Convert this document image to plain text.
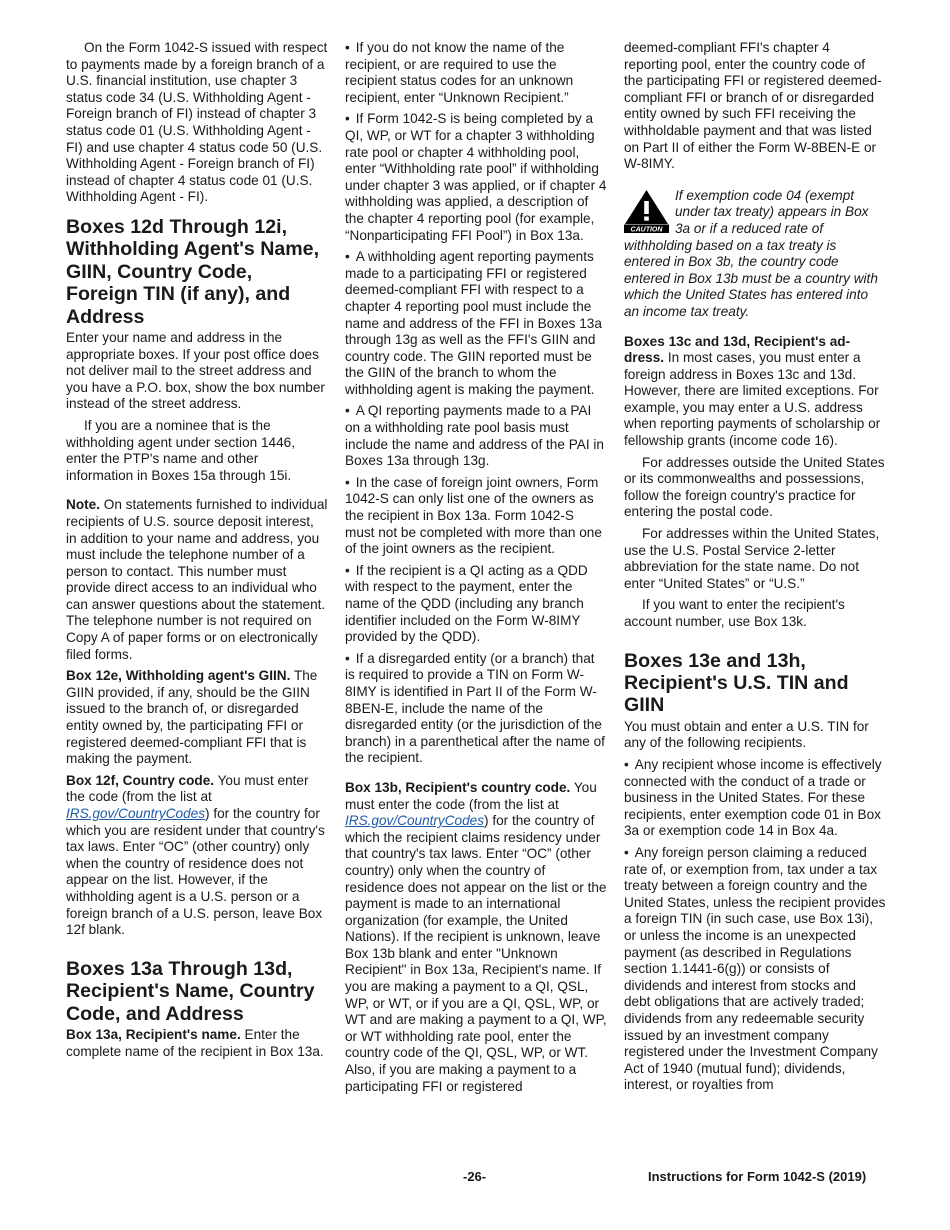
On the Form 1042-S issued with respect to payments made by a foreign branch of a U.S. financial institution, use chapter 3 status code 34 (U.S. Withholding Agent - Foreign branch of FI) instead of chapter 3 status code 01 (U.S. Withholding Agent - FI) and use chapter 4 status code 50 (U.S. Withholding Agent - Foreign branch of FI) instead of chapter 4 status code 01 (U.S. Withholding Agent - FI).

Boxes 12d Through 12i, Withholding Agent's Name, GIIN, Country Code, Foreign TIN (if any), and Address

Enter your name and address in the appropriate boxes. If your post office does not deliver mail to the street address and you have a P.O. box, show the box number instead of the street address.

If you are a nominee that is the withholding agent under section 1446, enter the PTP's name and other information in Boxes 15a through 15i.

Note. On statements furnished to individual recipients of U.S. source deposit interest, in addition to your name and address, you must include the telephone number of a person to contact. This number must provide direct access to an individual who can answer questions about the statement. The telephone number is not required on Copy A of paper forms or on electronically filed forms.

Box 12e, Withholding agent's GIIN. The GIIN provided, if any, should be the GIIN issued to the branch of, or disregarded entity owned by, the participating FFI or registered deemed-compliant FFI that is making the payment.

Box 12f, Country code. You must enter the code (from the list at IRS.gov/CountryCodes) for the country for which you are resident under that country's tax laws. Enter “OC” (other country) only when the country of residence does not appear on the list. However, if the withholding agent is a U.S. person or a foreign branch of a U.S. person, leave Box 12f blank.

Boxes 13a Through 13d, Recipient's Name, Country Code, and Address

Box 13a, Recipient's name. Enter the complete name of the recipient in Box 13a.

• If you do not know the name of the recipient, or are required to use the recipient status codes for an unknown recipient, enter “Unknown Recipient.”

• If Form 1042-S is being completed by a QI, WP, or WT for a chapter 3 withholding rate pool or chapter 4 withholding pool, enter “Withholding rate pool” if withholding under chapter 3 was applied, or if chapter 4 withholding was applied, a description of the chapter 4 reporting pool (for example, “Nonparticipating FFI Pool”) in Box 13a.

• A withholding agent reporting payments made to a participating FFI or registered deemed-compliant FFI with respect to a chapter 4 reporting pool must include the name and address of the FFI in Boxes 13a through 13g as well as the FFI's GIIN and country code. The GIIN reported must be the GIIN of the branch to whom the withholding agent is making the payment.

• A QI reporting payments made to a PAI on a withholding rate pool basis must include the name and address of the PAI in Boxes 13a through 13g.

• In the case of foreign joint owners, Form 1042-S can only list one of the owners as the recipient in Box 13a. Form 1042-S must not be completed with more than one of the joint owners as the recipient.

• If the recipient is a QI acting as a QDD with respect to the payment, enter the name of the QDD (including any branch identifier included on the Form W-8IMY provided by the QDD).

• If a disregarded entity (or a branch) that is required to provide a TIN on Form W-8IMY is identified in Part II of the Form W-8BEN-E, include the name of the disregarded entity (or the jurisdiction of the branch) in a parenthetical after the name of the recipient.

Box 13b, Recipient's country code. You must enter the code (from the list at IRS.gov/CountryCodes) for the country of which the recipient claims residency under that country's tax laws. Enter “OC” (other country) only when the country of residence does not appear on the list or the payment is made to an international organization (for example, the United Nations). If the recipient is unknown, leave Box 13b blank and enter "Unknown Recipient" in Box 13a, Recipient's name. If you are making a payment to a QI, QSL, WP, or WT, or if you are a QI, QSL, WP, or WT and are making a payment to a QI, WP, or WT withholding rate pool, enter the country code of the QI, QSL, WP, or WT. Also, if you are making a payment to a participating FFI or registered

deemed-compliant FFI's chapter 4 reporting pool, enter the country code of the participating FFI or registered deemed-compliant FFI or branch of or disregarded entity owned by such FFI receiving the withholdable payment and that was listed on Part II of either the Form W-8BEN-E or W-8IMY.

CAUTION
If exemption code 04 (exempt under tax treaty) appears in Box 3a or if a reduced rate of withholding based on a tax treaty is entered in Box 3b, the country code entered in Box 13b must be a country with which the United States has entered into an income tax treaty.

Boxes 13c and 13d, Recipient's ad-dress. In most cases, you must enter a foreign address in Boxes 13c and 13d. However, there are limited exceptions. For example, you may enter a U.S. address when reporting payments of scholarship or fellowship grants (income code 16).

For addresses outside the United States or its commonwealths and possessions, follow the foreign country's practice for entering the postal code.

For addresses within the United States, use the U.S. Postal Service 2-letter abbreviation for the state name. Do not enter “United States” or “U.S.”

If you want to enter the recipient's account number, use Box 13k.

Boxes 13e and 13h, Recipient's U.S. TIN and GIIN

You must obtain and enter a U.S. TIN for any of the following recipients.

• Any recipient whose income is effectively connected with the conduct of a trade or business in the United States. For these recipients, enter exemption code 01 in Box 3a or exemption code 14 in Box 4a.

• Any foreign person claiming a reduced rate of, or exemption from, tax under a tax treaty between a foreign country and the United States, unless the recipient provides a foreign TIN (in such case, use Box 13i), or unless the income is an unexpected payment (as described in Regulations section 1.1441-6(g)) or consists of dividends and interest from stocks and debt obligations that are actively traded; dividends from any redeemable security issued by an investment company registered under the Investment Company Act of 1940 (mutual fund); dividends, interest, or royalties from

-26-	Instructions for Form 1042-S (2019)
